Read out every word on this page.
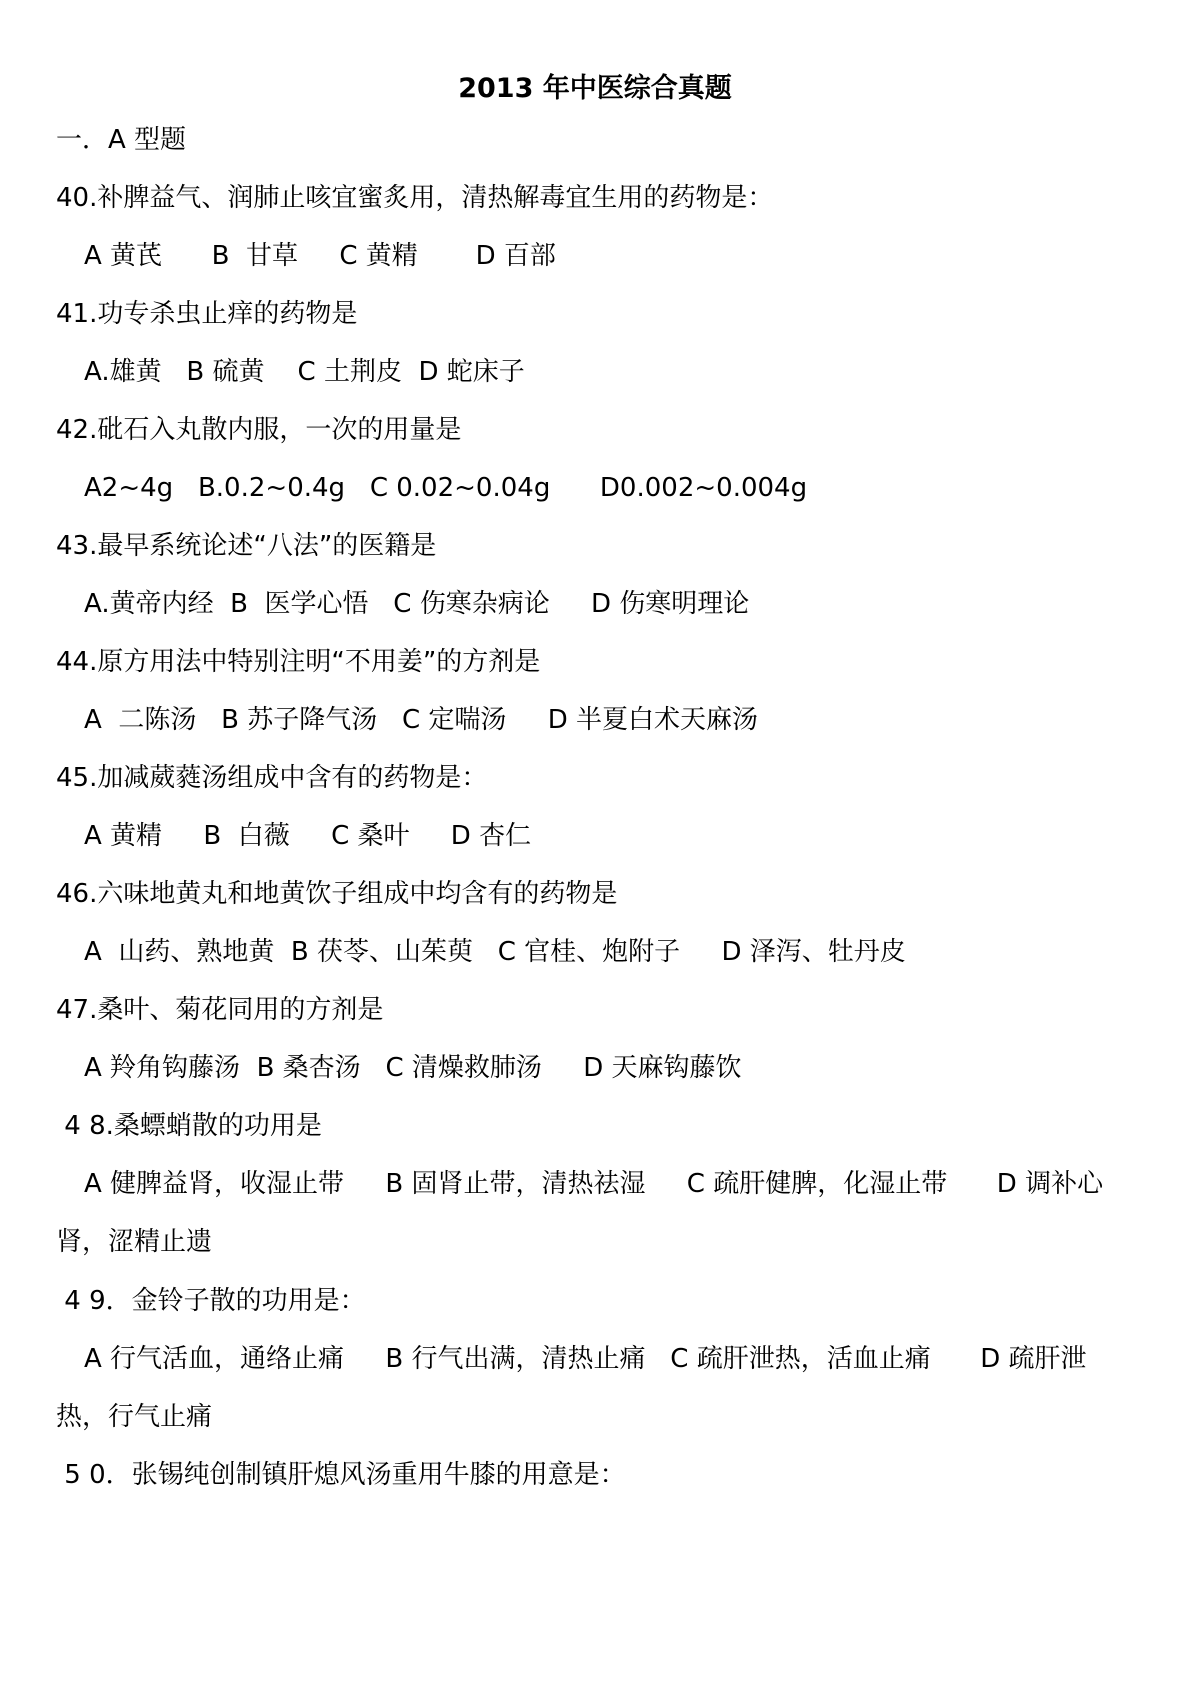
2013 年中医综合真题
一．A 型题
40.补脾益气、润肺止咳宜蜜炙用，清热解毒宜生用的药物是：
A 黄芪      B  甘草     C 黄精       D 百部
41.功专杀虫止痒的药物是
A.雄黄   B 硫黄    C 土荆皮  D 蛇床子
42.砒石入丸散内服，一次的用量是
A2~4g   B.0.2~0.4g   C 0.02~0.04g      D0.002~0.004g
43.最早系统论述“八法”的医籍是
A.黄帝内经  B  医学心悟   C 伤寒杂病论     D 伤寒明理论
44.原方用法中特别注明“不用姜”的方剂是
A  二陈汤   B 苏子降气汤   C 定喘汤     D 半夏白术天麻汤
45.加减葳蕤汤组成中含有的药物是：
A 黄精     B  白薇     C 桑叶     D 杏仁
46.六味地黄丸和地黄饮子组成中均含有的药物是
A  山药、熟地黄  B 茯苓、山茱萸   C 官桂、炮附子     D 泽泻、牡丹皮
47.桑叶、菊花同用的方剂是
A 羚角钩藤汤  B 桑杏汤   C 清燥救肺汤     D 天麻钩藤饮
4 8.桑螵蛸散的功用是
A 健脾益肾，收湿止带     B 固肾止带，清热祛湿     C 疏肝健脾，化湿止带      D 调补心
肾，涩精止遗
4 9．金铃子散的功用是：
A 行气活血，通络止痛     B 行气出满，清热止痛   C 疏肝泄热，活血止痛      D 疏肝泄
热，行气止痛
5 0．张锡纯创制镇肝熄风汤重用牛膝的用意是：
